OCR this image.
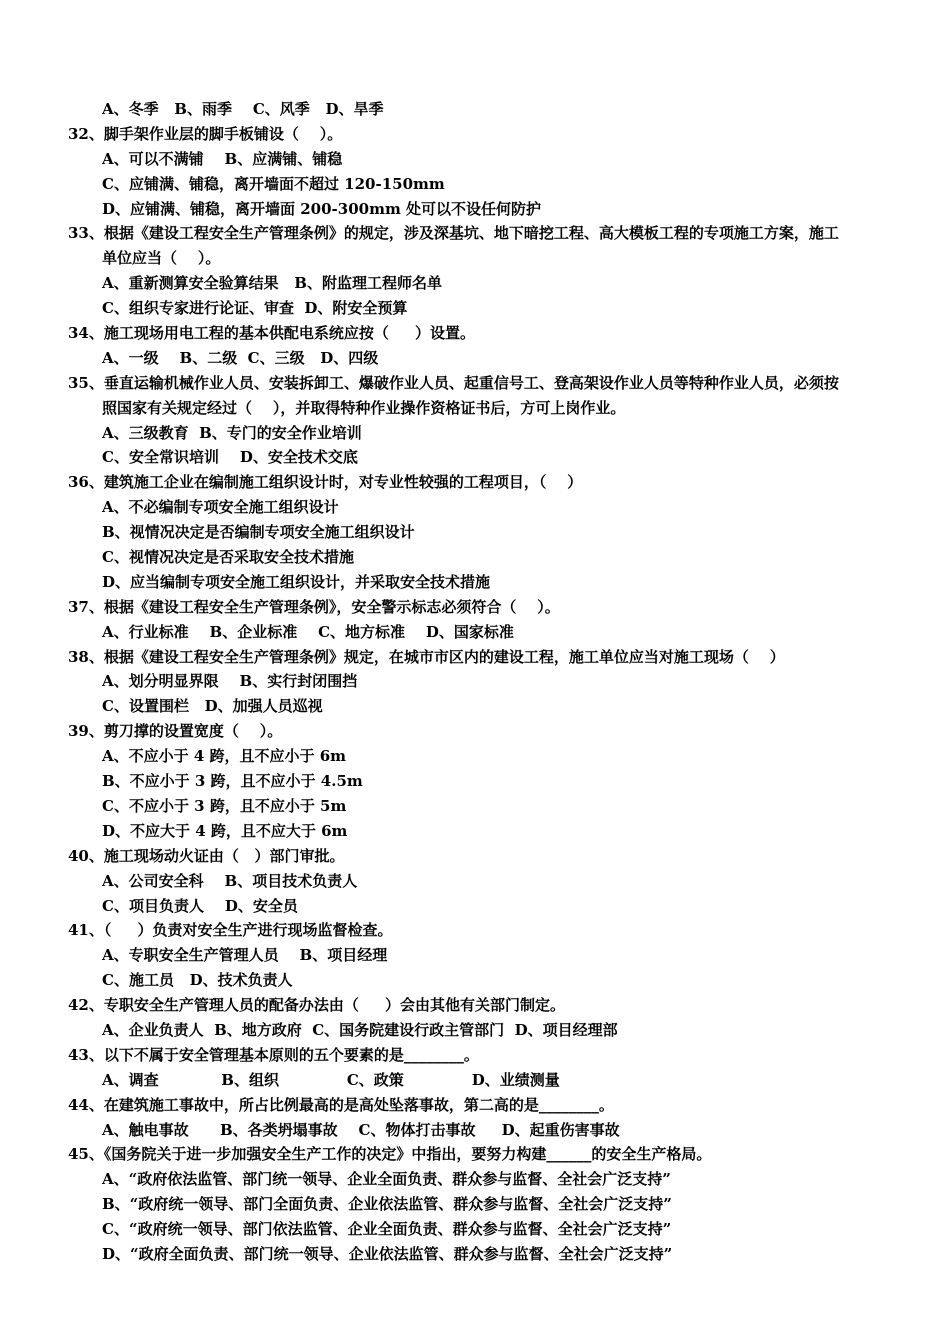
A、冬季   B、雨季    C、风季   D、旱季
32、脚手架作业层的脚手板铺设（    ）。
A、可以不满铺    B、应满铺、铺稳
C、应铺满、铺稳，离开墙面不超过 120-150mm
D、应铺满、铺稳，离开墙面 200-300mm 处可以不设任何防护
33、根据《建设工程安全生产管理条例》的规定，涉及深基坑、地下暗挖工程、高大模板工程的专项施工方案，施工
单位应当（    ）。
A、重新测算安全验算结果   B、附监理工程师名单
C、组织专家进行论证、审查  D、附安全预算
34、施工现场用电工程的基本供配电系统应按（     ）设置。
A、一级    B、二级  C、三级   D、四级
35、垂直运输机械作业人员、安装拆卸工、爆破作业人员、起重信号工、登高架设作业人员等特种作业人员，必须按
照国家有关规定经过（    ），并取得特种作业操作资格证书后，方可上岗作业。
A、三级教育  B、专门的安全作业培训
C、安全常识培训    D、安全技术交底
36、建筑施工企业在编制施工组织设计时，对专业性较强的工程项目，（    ）
A、不必编制专项安全施工组织设计
B、视情况决定是否编制专项安全施工组织设计
C、视情况决定是否采取安全技术措施
D、应当编制专项安全施工组织设计，并采取安全技术措施
37、根据《建设工程安全生产管理条例》，安全警示标志必须符合（    ）。
A、行业标准    B、企业标准    C、地方标准    D、国家标准
38、根据《建设工程安全生产管理条例》规定，在城市市区内的建设工程，施工单位应当对施工现场（    ）
A、划分明显界限    B、实行封闭围挡
C、设置围栏   D、加强人员巡视
39、剪刀撑的设置宽度（    ）。
A、不应小于 4 跨，且不应小于 6m
B、不应小于 3 跨，且不应小于 4.5m
C、不应小于 3 跨，且不应小于 5m
D、不应大于 4 跨，且不应大于 6m
40、施工现场动火证由（   ）部门审批。
A、公司安全科    B、项目技术负责人
C、项目负责人    D、安全员
41、（     ）负责对安全生产进行现场监督检查。
A、专职安全生产管理人员    B、项目经理
C、施工员   D、技术负责人
42、专职安全生产管理人员的配备办法由（     ）会由其他有关部门制定。
A、企业负责人  B、地方政府  C、国务院建设行政主管部门  D、项目经理部
43、以下不属于安全管理基本原则的五个要素的是________。
A、调查            B、组织             C、政策             D、业绩测量
44、在建筑施工事故中，所占比例最高的是高处坠落事故，第二高的是________。
A、触电事故      B、各类坍塌事故    C、物体打击事故     D、起重伤害事故
45、《国务院关于进一步加强安全生产工作的决定》中指出，要努力构建______的安全生产格局。
A、“政府依法监管、部门统一领导、企业全面负责、群众参与监督、全社会广泛支持”
B、“政府统一领导、部门全面负责、企业依法监管、群众参与监督、全社会广泛支持”
C、“政府统一领导、部门依法监管、企业全面负责、群众参与监督、全社会广泛支持”
D、“政府全面负责、部门统一领导、企业依法监管、群众参与监督、全社会广泛支持”
